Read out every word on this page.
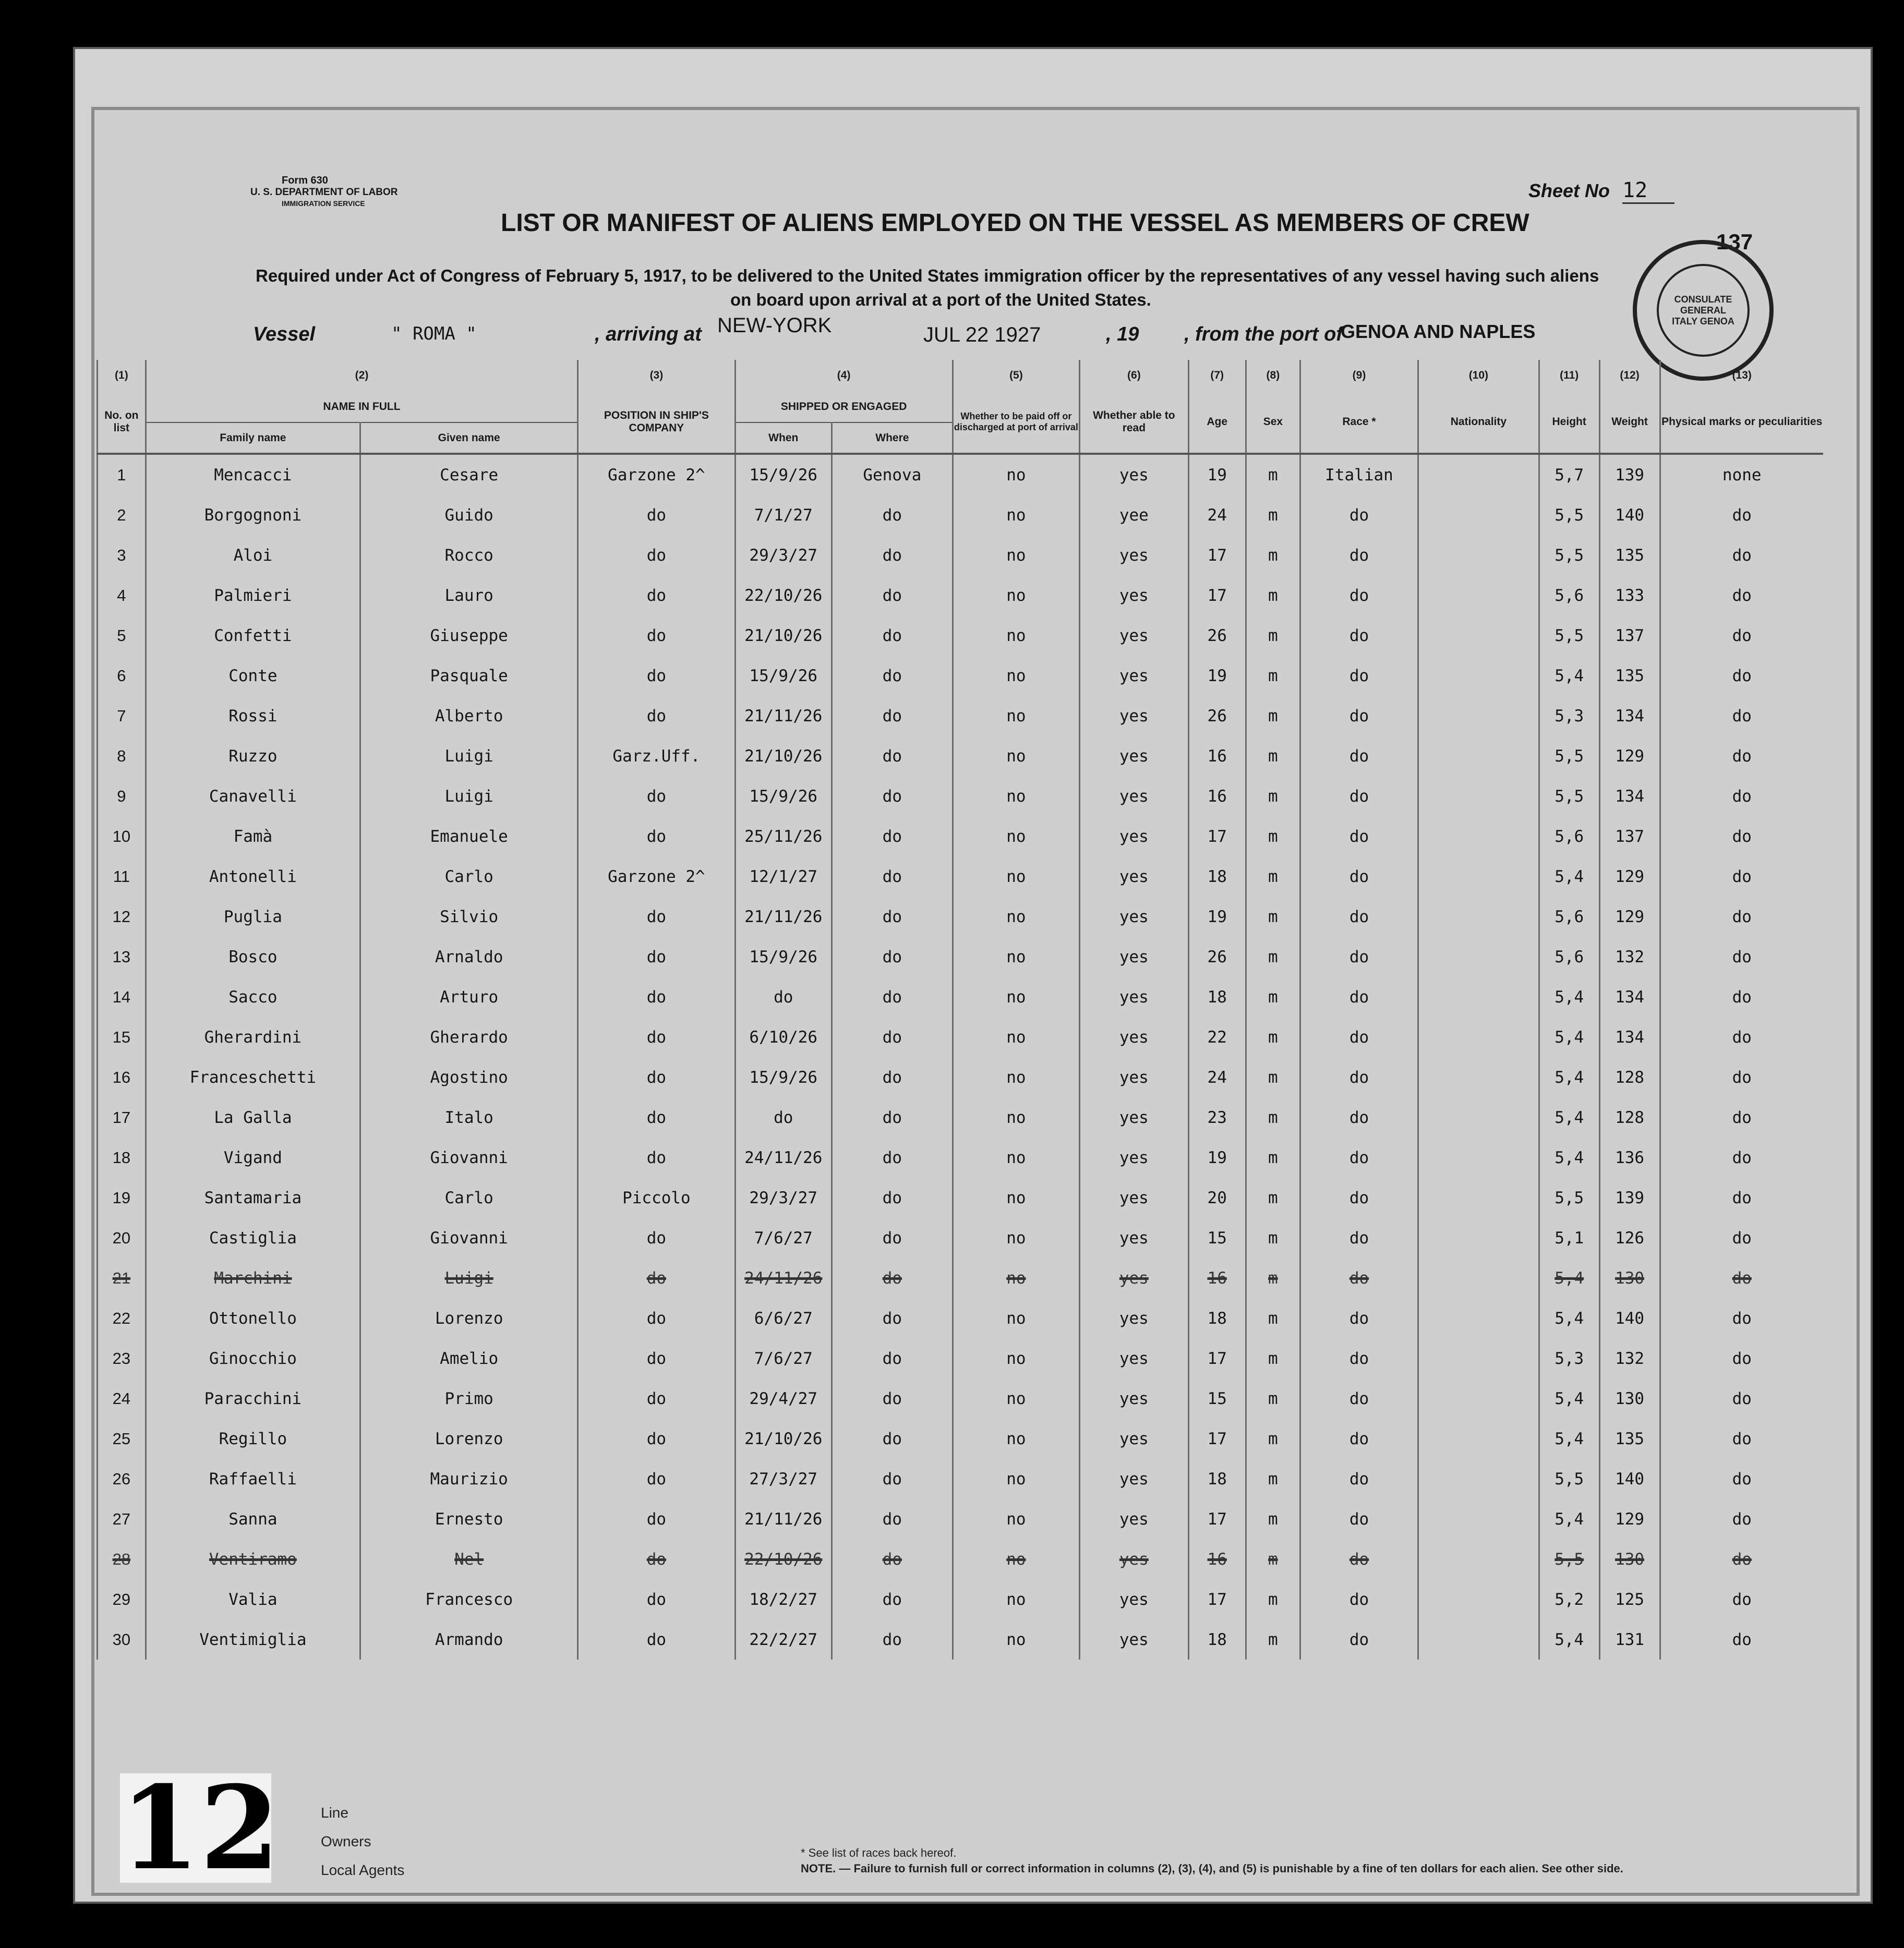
Form 630
U. S. DEPARTMENT OF LABOR
IMMIGRATION SERVICE
Sheet No 12
137
LIST OR MANIFEST OF ALIENS EMPLOYED ON THE VESSEL AS MEMBERS OF CREW
Required under Act of Congress of February 5, 1917, to be delivered to the United States immigration officer by the representatives of any vessel having such aliens
on board upon arrival at a port of the United States.
Vessel	" ROMA "	, arriving at NEW-YORK	JUL 22 1927	, 19 , from the port of
GENOA AND NAPLES
CONSULATE GENERAL ITALY GENOA
(1)	(2)		(3)	(4)		(5)	(6)	(7)	(8)	(9)	(10)	(11)	(12)	(13)
No. on list	NAME IN FULL		POSITION IN SHIP'S COMPANY	SHIPPED OR ENGAGED		Whether to be paid off or discharged at port of arrival	Whether able to read	Age	Sex	Race *	Nationality	Height	Weight	Physical marks or peculiarities
	Family name	Given name		When	Where									
1	Mencacci	Cesare	Garzone 2^	15/9/26	Genova	no	yes	19	m	Italian		5,7	139	none
2	Borgognoni	Guido	do	7/1/27	do	no	yee	24	m	do		5,5	140	do
3	Aloi	Rocco	do	29/3/27	do	no	yes	17	m	do		5,5	135	do
4	Palmieri	Lauro	do	22/10/26	do	no	yes	17	m	do		5,6	133	do
5	Confetti	Giuseppe	do	21/10/26	do	no	yes	26	m	do		5,5	137	do
6	Conte	Pasquale	do	15/9/26	do	no	yes	19	m	do		5,4	135	do
7	Rossi	Alberto	do	21/11/26	do	no	yes	26	m	do		5,3	134	do
8	Ruzzo	Luigi	Garz.Uff.	21/10/26	do	no	yes	16	m	do		5,5	129	do
9	Canavelli	Luigi	do	15/9/26	do	no	yes	16	m	do		5,5	134	do
10	Famà	Emanuele	do	25/11/26	do	no	yes	17	m	do		5,6	137	do
11	Antonelli	Carlo	Garzone 2^	12/1/27	do	no	yes	18	m	do		5,4	129	do
12	Puglia	Silvio	do	21/11/26	do	no	yes	19	m	do		5,6	129	do
13	Bosco	Arnaldo	do	15/9/26	do	no	yes	26	m	do		5,6	132	do
14	Sacco	Arturo	do	do	do	no	yes	18	m	do		5,4	134	do
15	Gherardini	Gherardo	do	6/10/26	do	no	yes	22	m	do		5,4	134	do
16	Franceschetti	Agostino	do	15/9/26	do	no	yes	24	m	do		5,4	128	do
17	La Galla	Italo	do	do	do	no	yes	23	m	do		5,4	128	do
18	Vigand	Giovanni	do	24/11/26	do	no	yes	19	m	do		5,4	136	do
19	Santamaria	Carlo	Piccolo	29/3/27	do	no	yes	20	m	do		5,5	139	do
20	Castiglia	Giovanni	do	7/6/27	do	no	yes	15	m	do		5,1	126	do
21	Marchini	Luigi	do	24/11/26	do	no	yes	16	m	do		5,4	130	do
22	Ottonello	Lorenzo	do	6/6/27	do	no	yes	18	m	do		5,4	140	do
23	Ginocchio	Amelio	do	7/6/27	do	no	yes	17	m	do		5,3	132	do
24	Paracchini	Primo	do	29/4/27	do	no	yes	15	m	do		5,4	130	do
25	Regillo	Lorenzo	do	21/10/26	do	no	yes	17	m	do		5,4	135	do
26	Raffaelli	Maurizio	do	27/3/27	do	no	yes	18	m	do		5,5	140	do
27	Sanna	Ernesto	do	21/11/26	do	no	yes	17	m	do		5,4	129	do
28	Ventiramo	Nel	do	22/10/26	do	no	yes	16	m	do		5,5	130	do
29	Valia	Francesco	do	18/2/27	do	no	yes	17	m	do		5,2	125	do
30	Ventimiglia	Armando	do	22/2/27	do	no	yes	18	m	do		5,4	131	do
12	Line
Owners
Local Agents
* See list of races back hereof.
NOTE. — Failure to furnish full or correct information in columns (2), (3), (4), and (5) is punishable by a fine of ten dollars for each alien. See other side.
